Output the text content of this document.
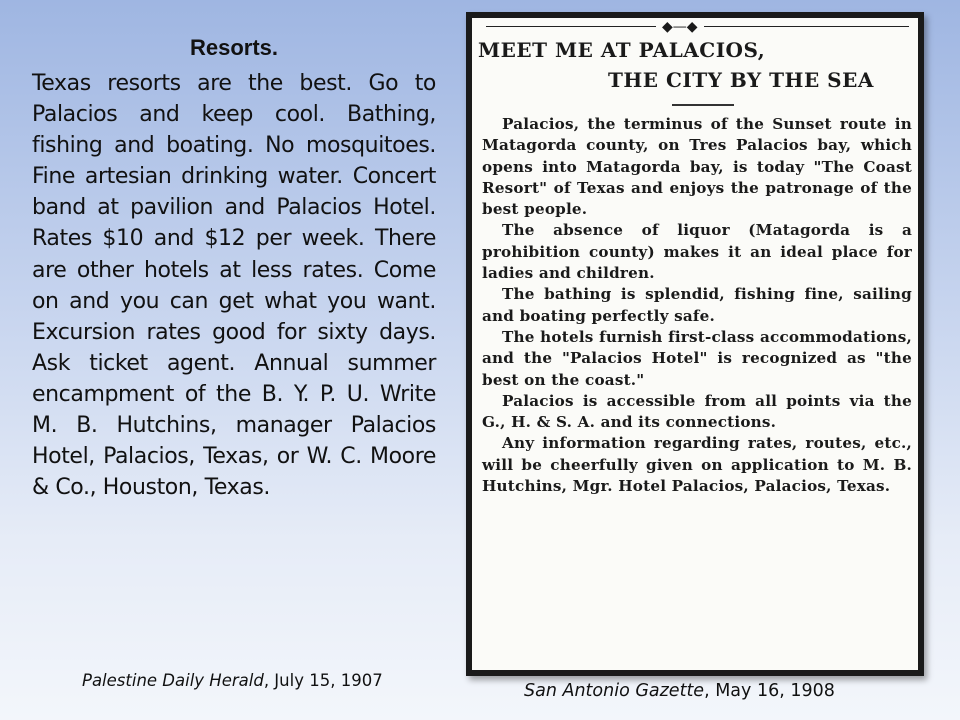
Resorts.

Texas resorts are the best. Go to Palacios and keep cool. Bathing, fishing and boating. No mosquitoes. Fine artesian drinking water. Concert band at pavilion and Palacios Hotel. Rates $10 and $12 per week. There are other hotels at less rates. Come on and you can get what you want. Excursion rates good for sixty days. Ask ticket agent. Annual summer encampment of the B. Y. P. U. Write M. B. Hutchins, manager Palacios Hotel, Palacios, Texas, or W. C. Moore & Co., Houston, Texas.

Palestine Daily Herald, July 15, 1907
◆—◆
MEET ME AT PALACIOS,
THE CITY BY THE SEA

Palacios, the terminus of the Sunset route in Matagorda county, on Tres Palacios bay, which opens into Matagorda bay, is today "The Coast Resort" of Texas and enjoys the patronage of the best people.

The absence of liquor (Matagorda is a prohibition county) makes it an ideal place for ladies and children.

The bathing is splendid, fishing fine, sailing and boating perfectly safe.

The hotels furnish first-class accommodations, and the "Palacios Hotel" is recognized as "the best on the coast."

Palacios is accessible from all points via the G., H. & S. A. and its connections.

Any information regarding rates, routes, etc., will be cheerfully given on application to M. B. Hutchins, Mgr. Hotel Palacios, Palacios, Texas.

San Antonio Gazette, May 16, 1908
